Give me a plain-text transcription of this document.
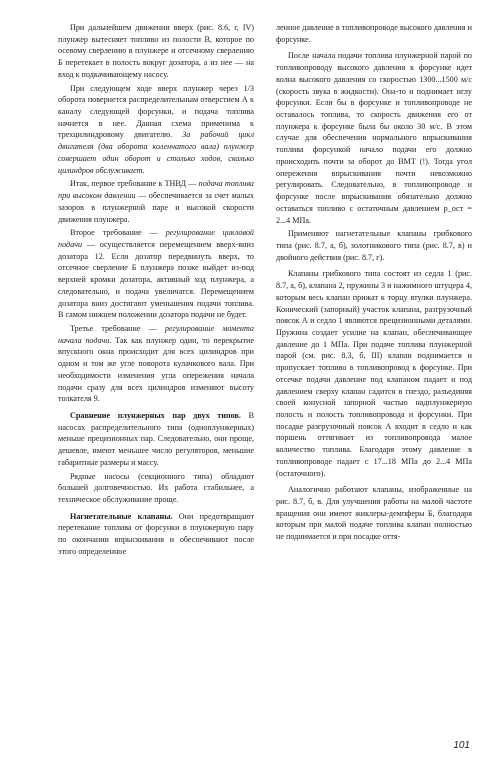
При дальнейшем движении вверх (рис. 8.6, г, IV) плунжер вытесняет топливо из полости В, которое по осевому сверлению в плунжере и отсечному сверлению Б перетекает в полость вокруг дозатора, а из нее — на вход к подкачивающему насосу.

При следующем ходе вверх плунжер через 1/3 оборота повернется распределительным отверстием А к каналу следующей форсунки, и подача топлива начнется в нее. Данная схема применима к трехцилиндровому двигателю. За рабочий цикл двигателя (два оборота коленчатого вала) плунжер совершает один оборот и столько ходов, сколько цилиндров обслуживает.

Итак, первое требование к ТНВД — подача топлива при высоком давлении — обеспечивается за счет малых зазоров в плунжерной паре и высокой скорости движения плунжера.

Второе требование — регулирование цикловой подачи — осуществляется перемещением вверх-вниз дозатора 12. Если дозатор передвинуть вверх, то отсечное сверление Б плунжера позже выйдет из-под верхней кромки дозатора, активный ход плунжера, а следовательно, и подача увеличатся. Перемещением дозатора вниз достигают уменьшения подачи топлива. В самом нижнем положении дозатора подачи не будет.

Третье требование — регулирование момента начала подачи. Так как плунжер один, то перекрытие впускного окна происходит для всех цилиндров при одном и том же угле поворота кулачкового вала. При необходимости изменения угла опережения начала подачи сразу для всех цилиндров изменяют высоту толкателя 9.

Сравнение плунжерных пар двух типов. В насосах распределительного типа (одноплунжерных) меньше прецизионных пар. Следовательно, они проще, дешевле, имеют меньшее число регуляторов, меньшие габаритные размеры и массу.

Рядные насосы (секционного типа) обладают большей долговечностью. Их работа стабильнее, а техническое обслуживание проще.

Нагнетательные клапаны. Они предотвращают перетекание топлива от форсунки в плунжерную пару по окончании впрыскивания и обеспечивают после этого определенное

ленное давление в топливопроводе высокого давления и форсунке.

После начала подачи топлива плунжерной парой по топливопроводу высокого давления к форсунке идет волна высокого давления со скоростью 1300...1500 м/с (скорость звука в жидкости). Она-то и поднимает иглу форсунки. Если бы в форсунке и топливопроводе не оставалось топлива, то скорость движения его от плунжера к форсунке была бы около 30 м/с. В этом случае для обеспечения нормального впрыскивания топлива форсункой начало подачи его должно происходить почти за оборот до ВМТ (!). Тогда угол опережения впрыскивания почти невозможно регулировать. Следовательно, в топливопроводе и форсунке после впрыскивания обязательно должно оставаться топливо с остаточным давлением p_ост = 2...4 МПа.

Применяют нагнетательные клапаны грибкового типа (рис. 8.7, а, б), золотникового типа (рис. 8.7, в) и двойного действия (рис. 8.7, г).

Клапаны грибкового типа состоят из седла 1 (рис. 8.7, а, б), клапана 2, пружины 3 и нажимного штуцера 4, которым весь клапан прижат к торцу втулки плунжера. Конический (запорный) участок клапана, разгрузочный поясок А и седло 1 являются прецизионными деталями. Пружина создает усилие на клапан, обеспечивающее давление до 1 МПа. При подаче топлива плунжерной парой (см. рис. 8.3, б, III) клапан поднимается и пропускает топливо в топливопровод к форсунке. При отсечке подачи давление под клапаном падает и под давлением сверху клапан садится в гнездо, разъединяя своей конусной запорной частью надплунжерную полость и полость топливопровода и форсунки. При посадке разгрузочный поясок А входит в седло и как поршень оттягивает из топливопровода малое количество топлива. Благодаря этому давление в топливопроводе падает с 17...18 МПа до 2...4 МПа (остаточного).

Аналогично работают клапаны, изображенные на рис. 8.7, б, в. Для улучшения работы на малой частоте вращения они имеют жиклеры-демпферы Б, благодаря которым при малой подаче топлива клапан полностью не поднимается и при посадке оття-

101
